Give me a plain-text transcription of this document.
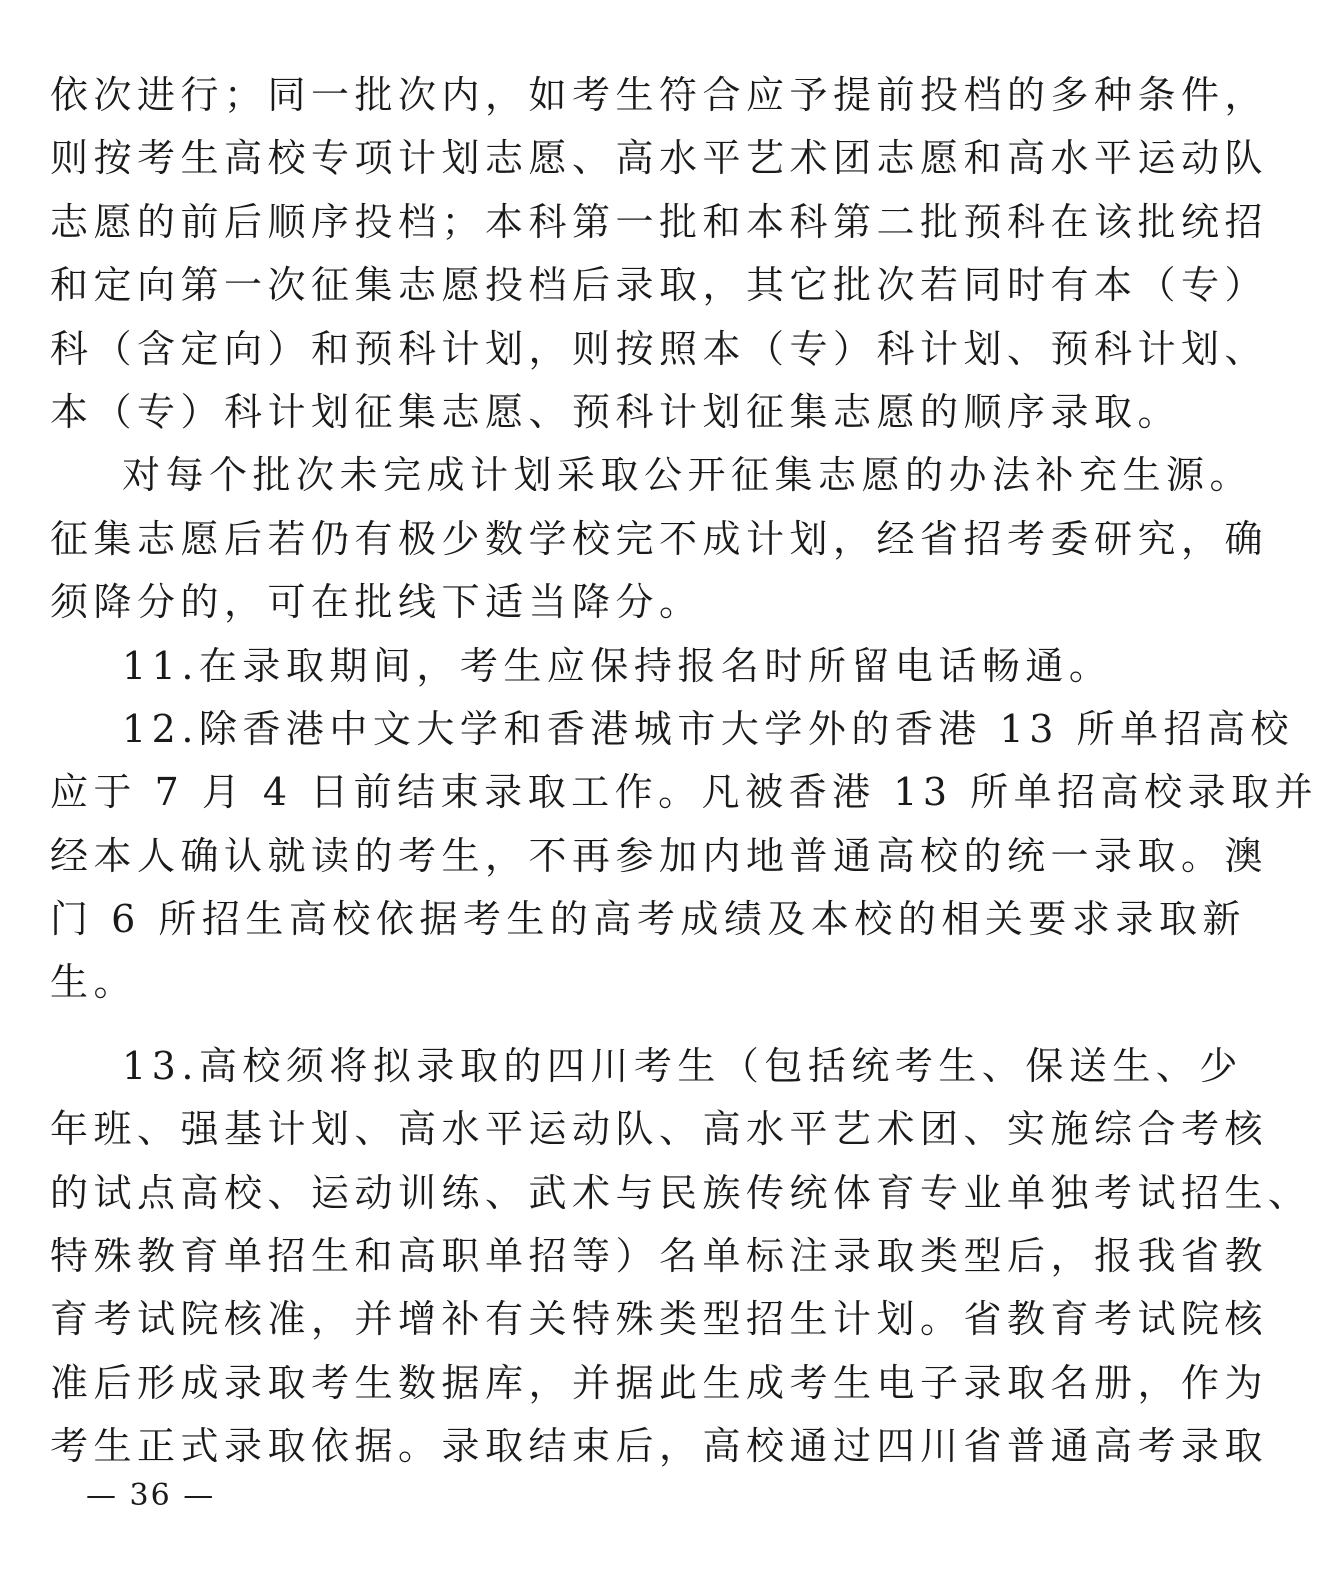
依次进行；同一批次内，如考生符合应予提前投档的多种条件，
则按考生高校专项计划志愿、高水平艺术团志愿和高水平运动队
志愿的前后顺序投档；本科第一批和本科第二批预科在该批统招
和定向第一次征集志愿投档后录取，其它批次若同时有本（专）
科（含定向）和预科计划，则按照本（专）科计划、预科计划、
本（专）科计划征集志愿、预科计划征集志愿的顺序录取。
对每个批次未完成计划采取公开征集志愿的办法补充生源。
征集志愿后若仍有极少数学校完不成计划，经省招考委研究，确
须降分的，可在批线下适当降分。
11.在录取期间，考生应保持报名时所留电话畅通。
12.除香港中文大学和香港城市大学外的香港 13 所单招高校
应于 7 月 4 日前结束录取工作。凡被香港 13 所单招高校录取并
经本人确认就读的考生，不再参加内地普通高校的统一录取。澳
门 6 所招生高校依据考生的高考成绩及本校的相关要求录取新
生。
13.高校须将拟录取的四川考生（包括统考生、保送生、少
年班、强基计划、高水平运动队、高水平艺术团、实施综合考核
的试点高校、运动训练、武术与民族传统体育专业单独考试招生、
特殊教育单招生和高职单招等）名单标注录取类型后，报我省教
育考试院核准，并增补有关特殊类型招生计划。省教育考试院核
准后形成录取考生数据库，并据此生成考生电子录取名册，作为
考生正式录取依据。录取结束后，高校通过四川省普通高考录取
— 36 —
